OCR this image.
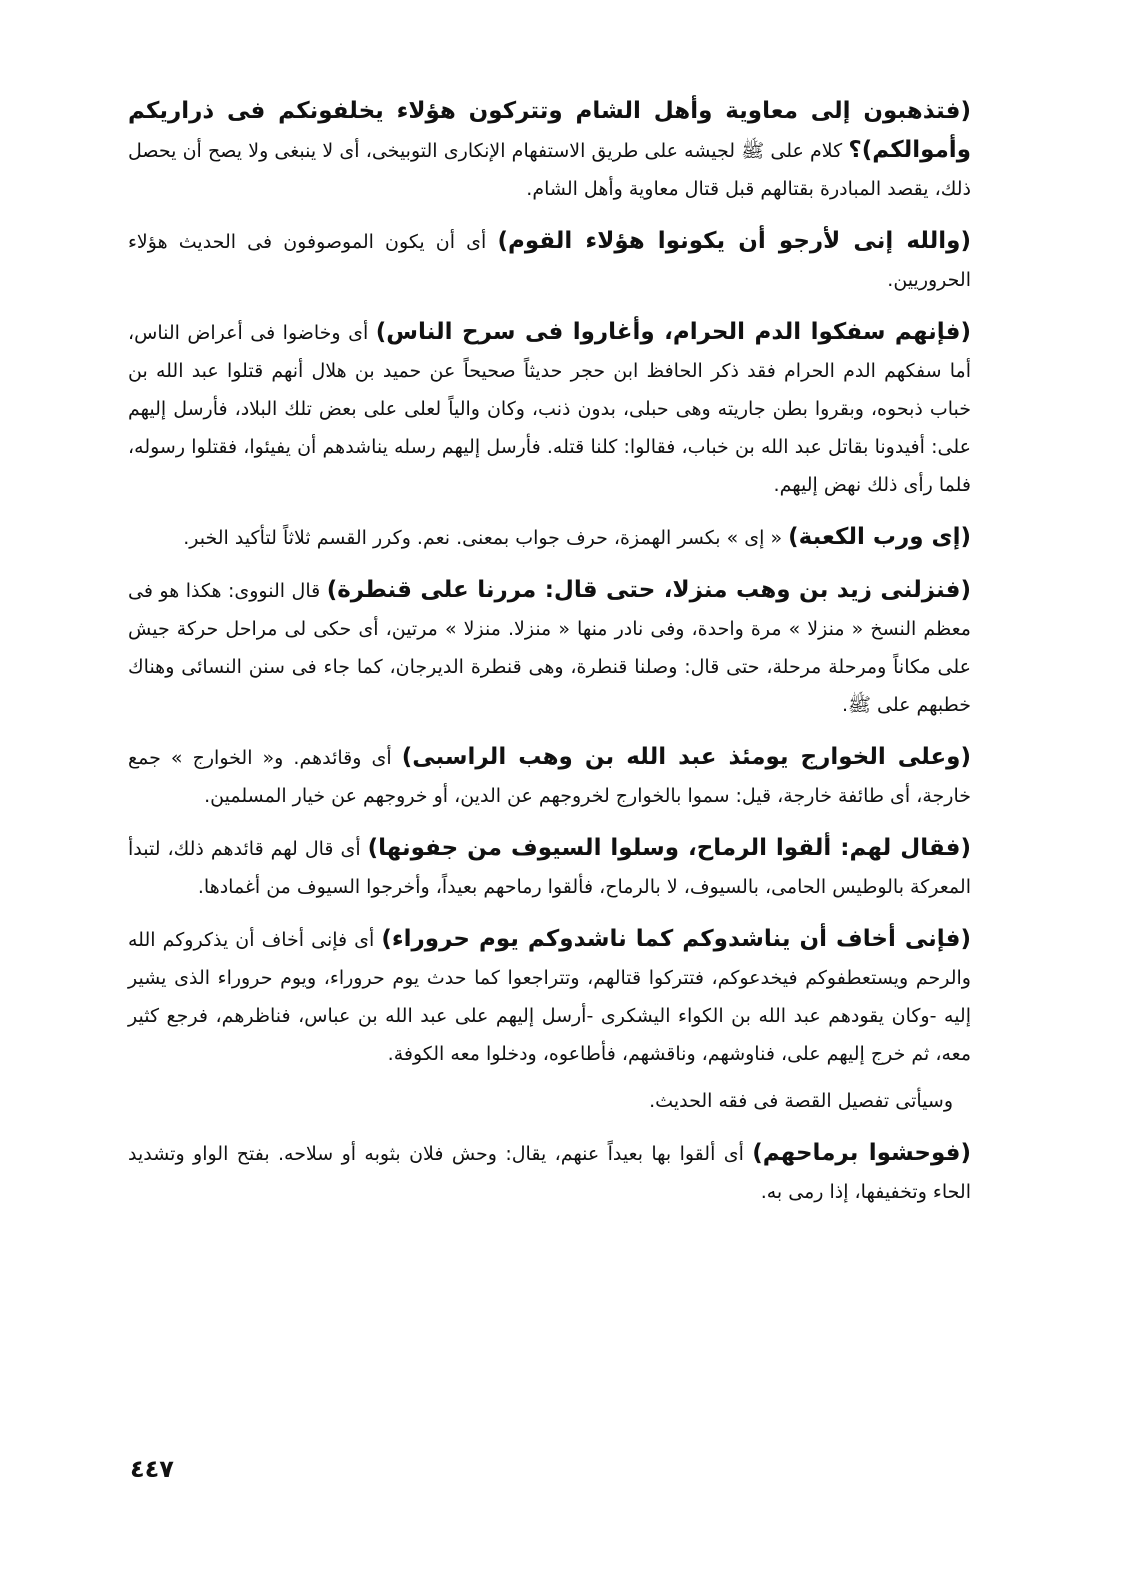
(فتذهبون إلى معاوية وأهل الشام وتتركون هؤلاء يخلفونكم فى ذراريكم وأموالكم)؟ كلام على ﷺ لجيشه على طريق الاستفهام الإنكارى التوبيخى، أى لا ينبغى ولا يصح أن يحصل ذلك، يقصد المبادرة بقتالهم قبل قتال معاوية وأهل الشام.

(والله إنى لأرجو أن يكونوا هؤلاء القوم) أى أن يكون الموصوفون فى الحديث هؤلاء الحروريين.

(فإنهم سفكوا الدم الحرام، وأغاروا فى سرح الناس) أى وخاضوا فى أعراض الناس، أما سفكهم الدم الحرام فقد ذكر الحافظ ابن حجر حديثاً صحيحاً عن حميد بن هلال أنهم قتلوا عبد الله بن خباب ذبحوه، وبقروا بطن جاريته وهى حبلى، بدون ذنب، وكان والياً لعلى على بعض تلك البلاد، فأرسل إليهم على: أفيدونا بقاتل عبد الله بن خباب، فقالوا: كلنا قتله. فأرسل إليهم رسله يناشدهم أن يفيئوا، فقتلوا رسوله، فلما رأى ذلك نهض إليهم.

(إى ورب الكعبة) « إى » بكسر الهمزة، حرف جواب بمعنى. نعم. وكرر القسم ثلاثاً لتأكيد الخبر.

(فنزلنى زيد بن وهب منزلا، حتى قال: مررنا على قنطرة) قال النووى: هكذا هو فى معظم النسخ « منزلا » مرة واحدة، وفى نادر منها « منزلا. منزلا » مرتين، أى حكى لى مراحل حركة جيش على مكاناً ومرحلة مرحلة، حتى قال: وصلنا قنطرة، وهى قنطرة الديرجان، كما جاء فى سنن النسائى وهناك خطبهم على ﷺ.

(وعلى الخوارج يومئذ عبد الله بن وهب الراسبى) أى وقائدهم. و« الخوارج » جمع خارجة، أى طائفة خارجة، قيل: سموا بالخوارج لخروجهم عن الدين، أو خروجهم عن خيار المسلمين.

(فقال لهم: ألقوا الرماح، وسلوا السيوف من جفونها) أى قال لهم قائدهم ذلك، لتبدأ المعركة بالوطيس الحامى، بالسيوف، لا بالرماح، فألقوا رماحهم بعيداً، وأخرجوا السيوف من أغمادها.

(فإنى أخاف أن يناشدوكم كما ناشدوكم يوم حروراء) أى فإنى أخاف أن يذكروكم الله والرحم ويستعطفوكم فيخدعوكم، فتتركوا قتالهم، وتتراجعوا كما حدث يوم حروراء، ويوم حروراء الذى يشير إليه -وكان يقودهم عبد الله بن الكواء اليشكرى -أرسل إليهم على عبد الله بن عباس، فناظرهم، فرجع كثير معه، ثم خرج إليهم على، فناوشهم، وناقشهم، فأطاعوه، ودخلوا معه الكوفة.

وسيأتى تفصيل القصة فى فقه الحديث.

(فوحشوا برماحهم) أى ألقوا بها بعيداً عنهم، يقال: وحش فلان بثوبه أو سلاحه. بفتح الواو وتشديد الحاء وتخفيفها، إذا رمى به.

٤٤٧
